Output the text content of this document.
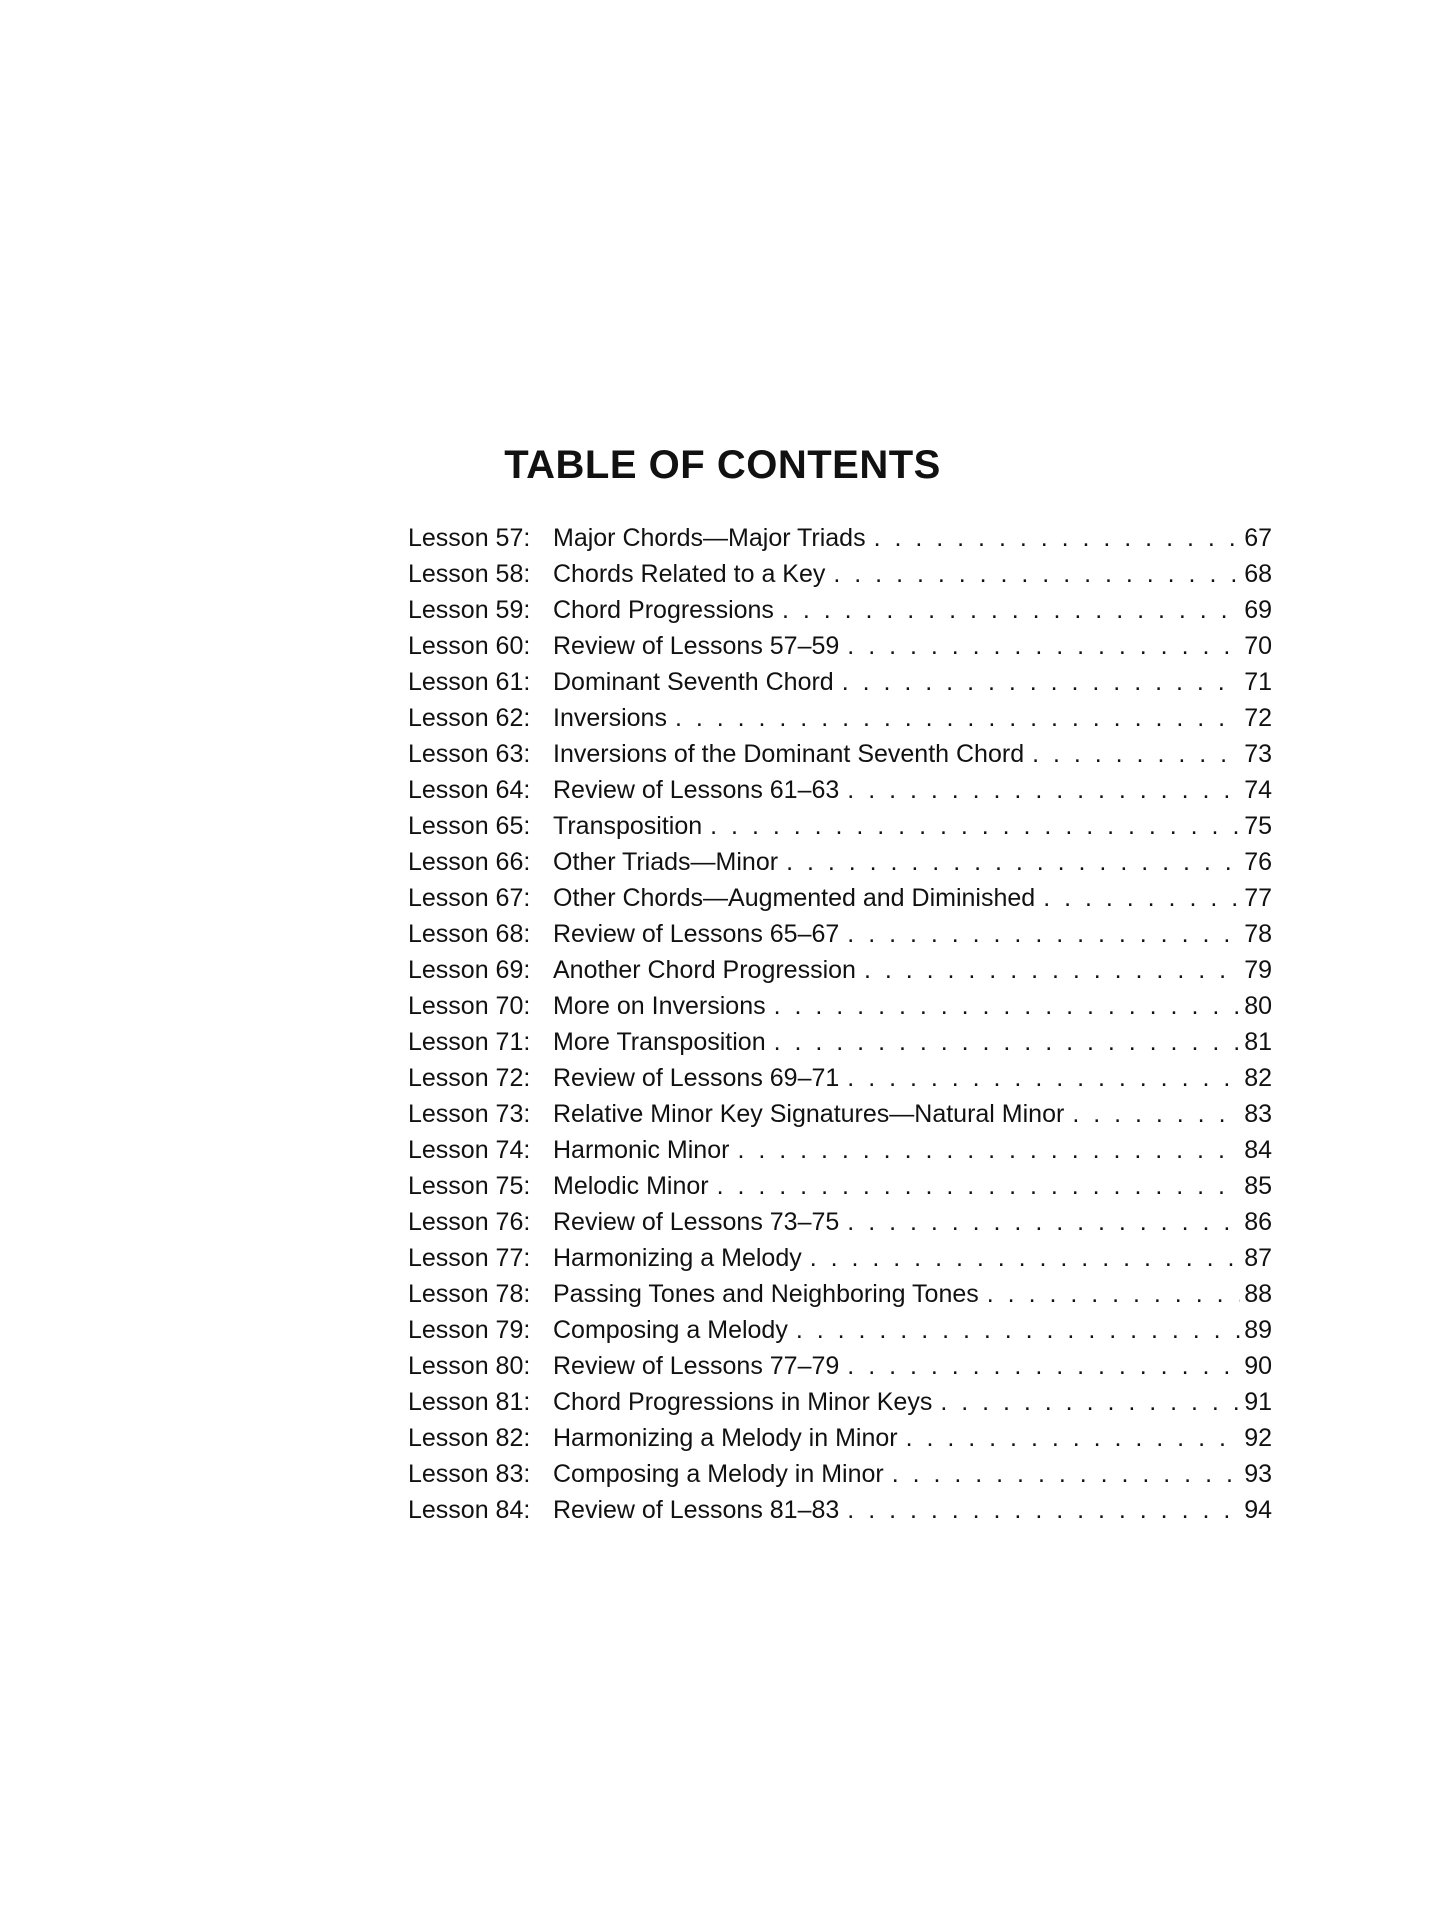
TABLE OF CONTENTS
Lesson 57: Major Chords—Major Triads . . .	67
Lesson 58: Chords Related to a Key . . .	68
Lesson 59: Chord Progressions . . .	69
Lesson 60: Review of Lessons 57–59 . . .	70
Lesson 61: Dominant Seventh Chord . . .	71
Lesson 62: Inversions . . .	72
Lesson 63: Inversions of the Dominant Seventh Chord . . .	73
Lesson 64: Review of Lessons 61–63 . . .	74
Lesson 65: Transposition . . .	75
Lesson 66: Other Triads—Minor . . .	76
Lesson 67: Other Chords—Augmented and Diminished . . .	77
Lesson 68: Review of Lessons 65–67 . . .	78
Lesson 69: Another Chord Progression . . .	79
Lesson 70: More on Inversions . . .	80
Lesson 71: More Transposition . . .	81
Lesson 72: Review of Lessons 69–71 . . .	82
Lesson 73: Relative Minor Key Signatures—Natural Minor . . .	83
Lesson 74: Harmonic Minor . . .	84
Lesson 75: Melodic Minor . . .	85
Lesson 76: Review of Lessons 73–75 . . .	86
Lesson 77: Harmonizing a Melody . . .	87
Lesson 78: Passing Tones and Neighboring Tones . . .	88
Lesson 79: Composing a Melody . . .	89
Lesson 80: Review of Lessons 77–79 . . .	90
Lesson 81: Chord Progressions in Minor Keys . . .	91
Lesson 82: Harmonizing a Melody in Minor . . .	92
Lesson 83: Composing a Melody in Minor . . .	93
Lesson 84: Review of Lessons 81–83 . . .	94
